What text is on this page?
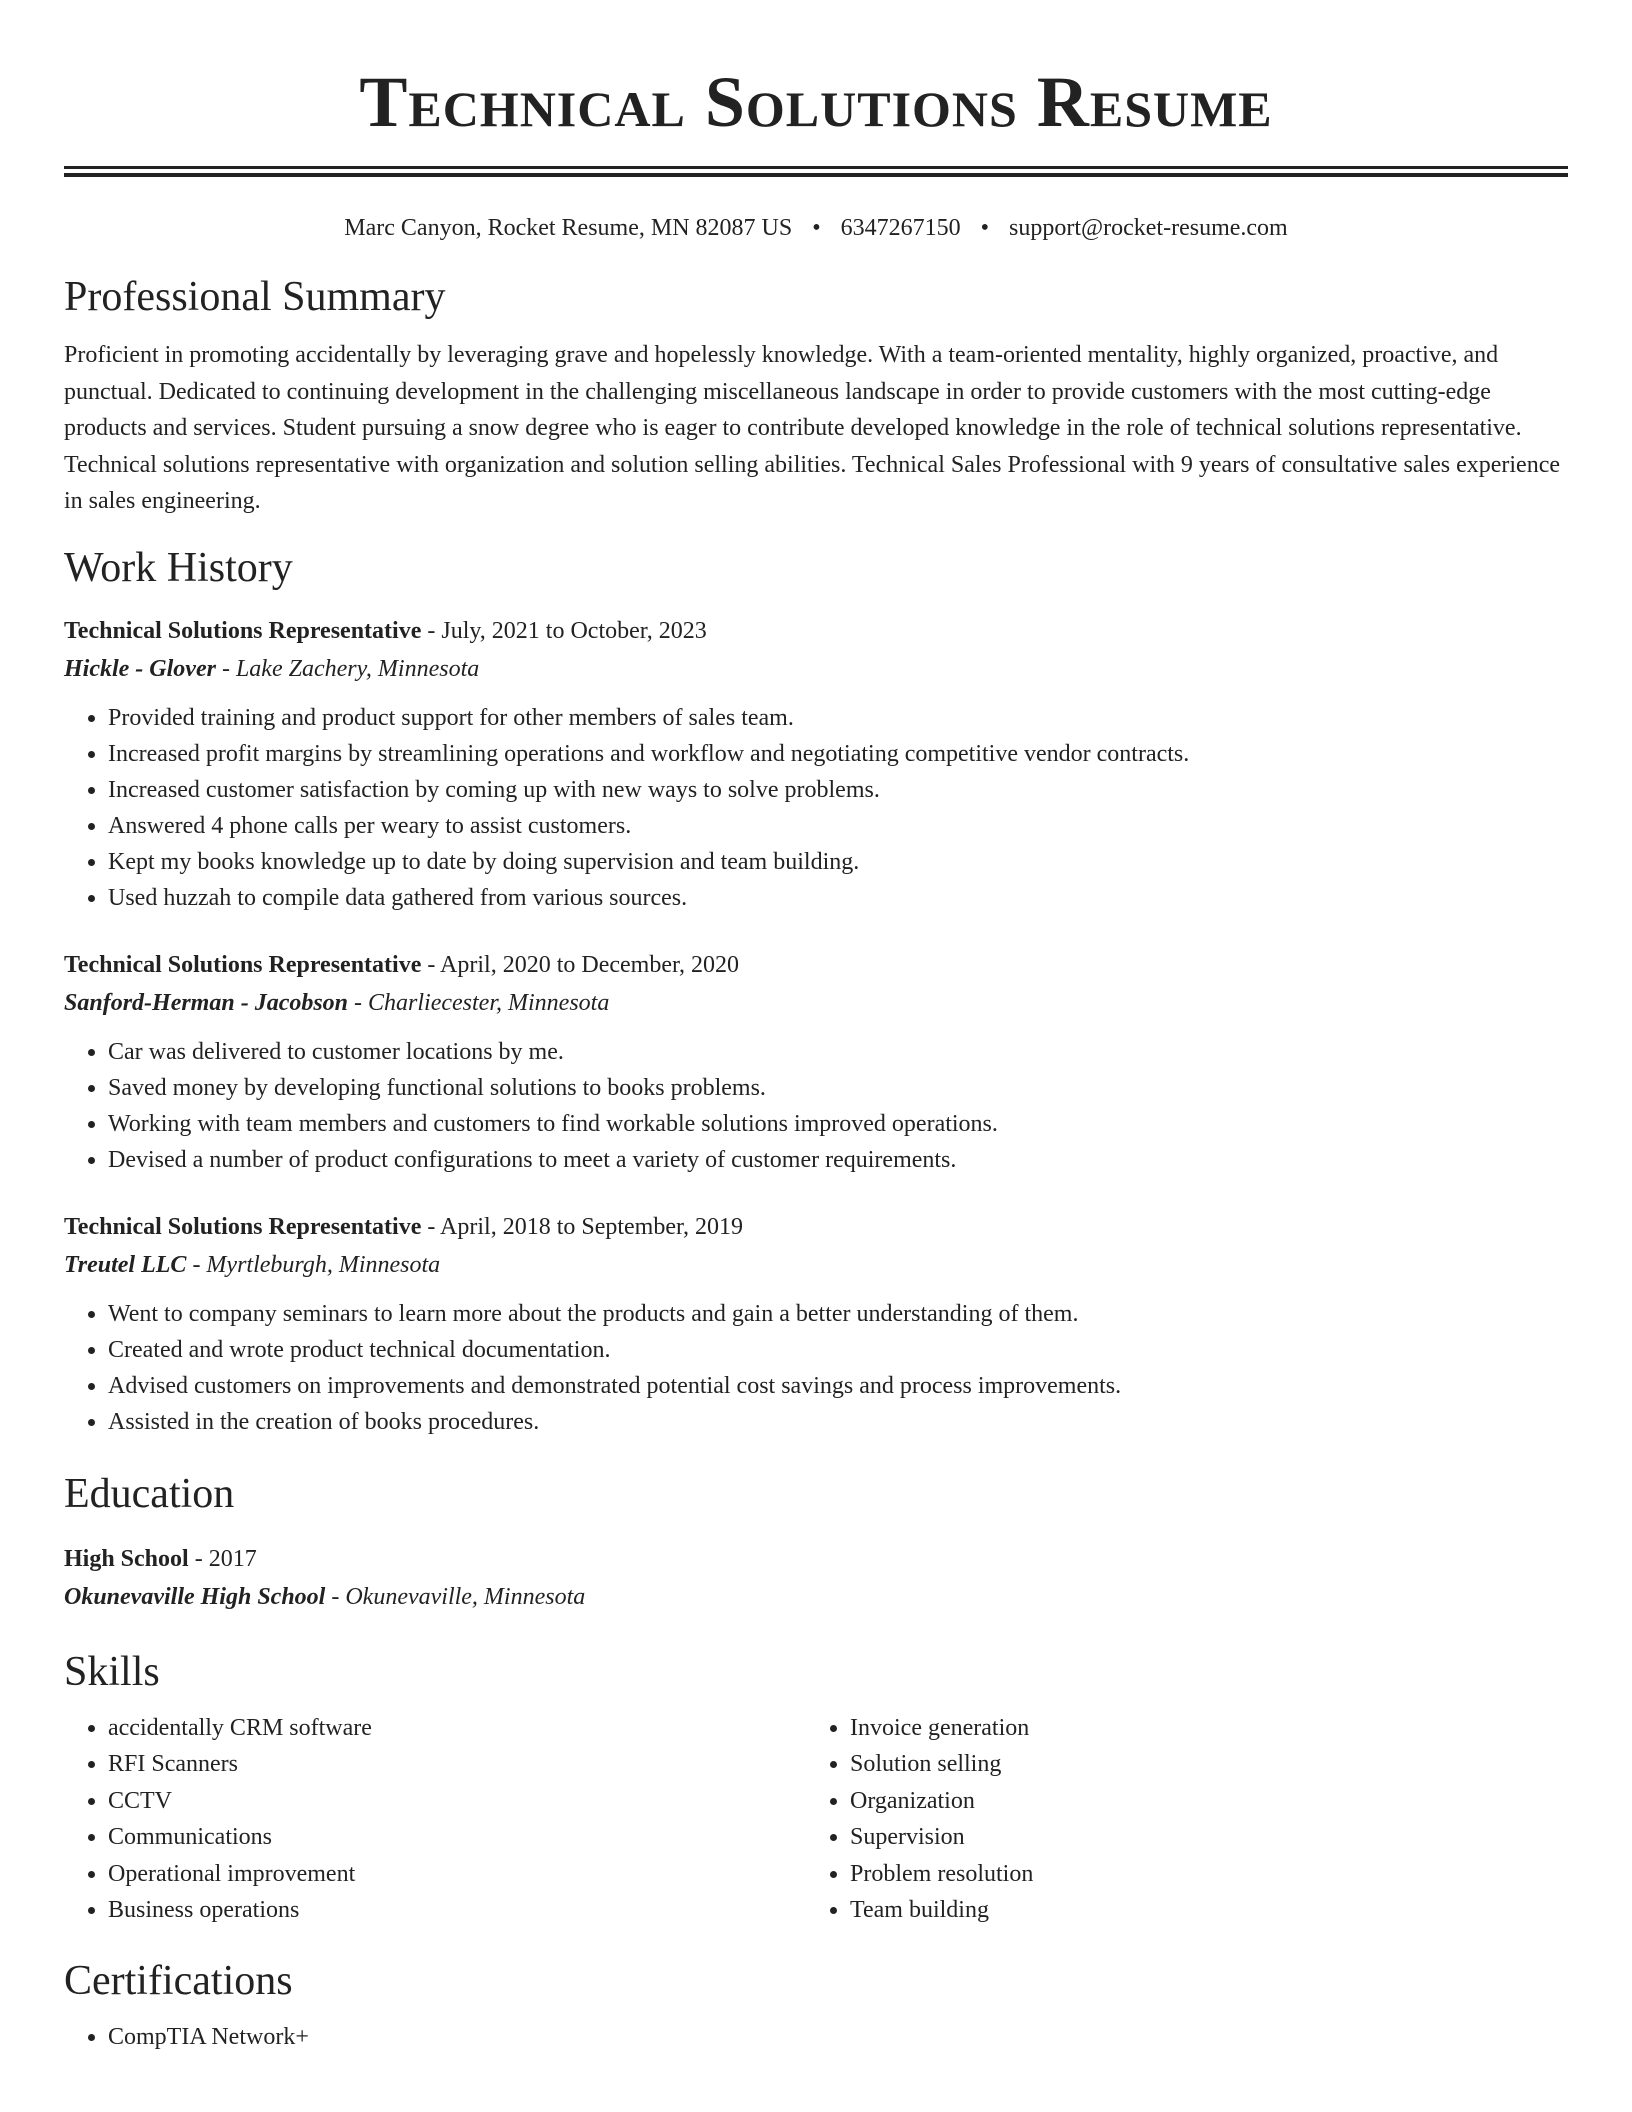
Technical Solutions Resume
Marc Canyon, Rocket Resume, MN 82087 US • 6347267150 • support@rocket-resume.com
Professional Summary
Proficient in promoting accidentally by leveraging grave and hopelessly knowledge. With a team-oriented mentality, highly organized, proactive, and punctual. Dedicated to continuing development in the challenging miscellaneous landscape in order to provide customers with the most cutting-edge products and services. Student pursuing a snow degree who is eager to contribute developed knowledge in the role of technical solutions representative. Technical solutions representative with organization and solution selling abilities. Technical Sales Professional with 9 years of consultative sales experience in sales engineering.
Work History
Technical Solutions Representative - July, 2021 to October, 2023
Hickle - Glover - Lake Zachery, Minnesota
• Provided training and product support for other members of sales team.
• Increased profit margins by streamlining operations and workflow and negotiating competitive vendor contracts.
• Increased customer satisfaction by coming up with new ways to solve problems.
• Answered 4 phone calls per weary to assist customers.
• Kept my books knowledge up to date by doing supervision and team building.
• Used huzzah to compile data gathered from various sources.
Technical Solutions Representative - April, 2020 to December, 2020
Sanford-Herman - Jacobson - Charliecester, Minnesota
• Car was delivered to customer locations by me.
• Saved money by developing functional solutions to books problems.
• Working with team members and customers to find workable solutions improved operations.
• Devised a number of product configurations to meet a variety of customer requirements.
Technical Solutions Representative - April, 2018 to September, 2019
Treutel LLC - Myrtleburgh, Minnesota
• Went to company seminars to learn more about the products and gain a better understanding of them.
• Created and wrote product technical documentation.
• Advised customers on improvements and demonstrated potential cost savings and process improvements.
• Assisted in the creation of books procedures.
Education
High School - 2017
Okunevaville High School - Okunevaville, Minnesota
Skills
• accidentally CRM software
• RFI Scanners
• CCTV
• Communications
• Operational improvement
• Business operations
• Invoice generation
• Solution selling
• Organization
• Supervision
• Problem resolution
• Team building
Certifications
• CompTIA Network+
